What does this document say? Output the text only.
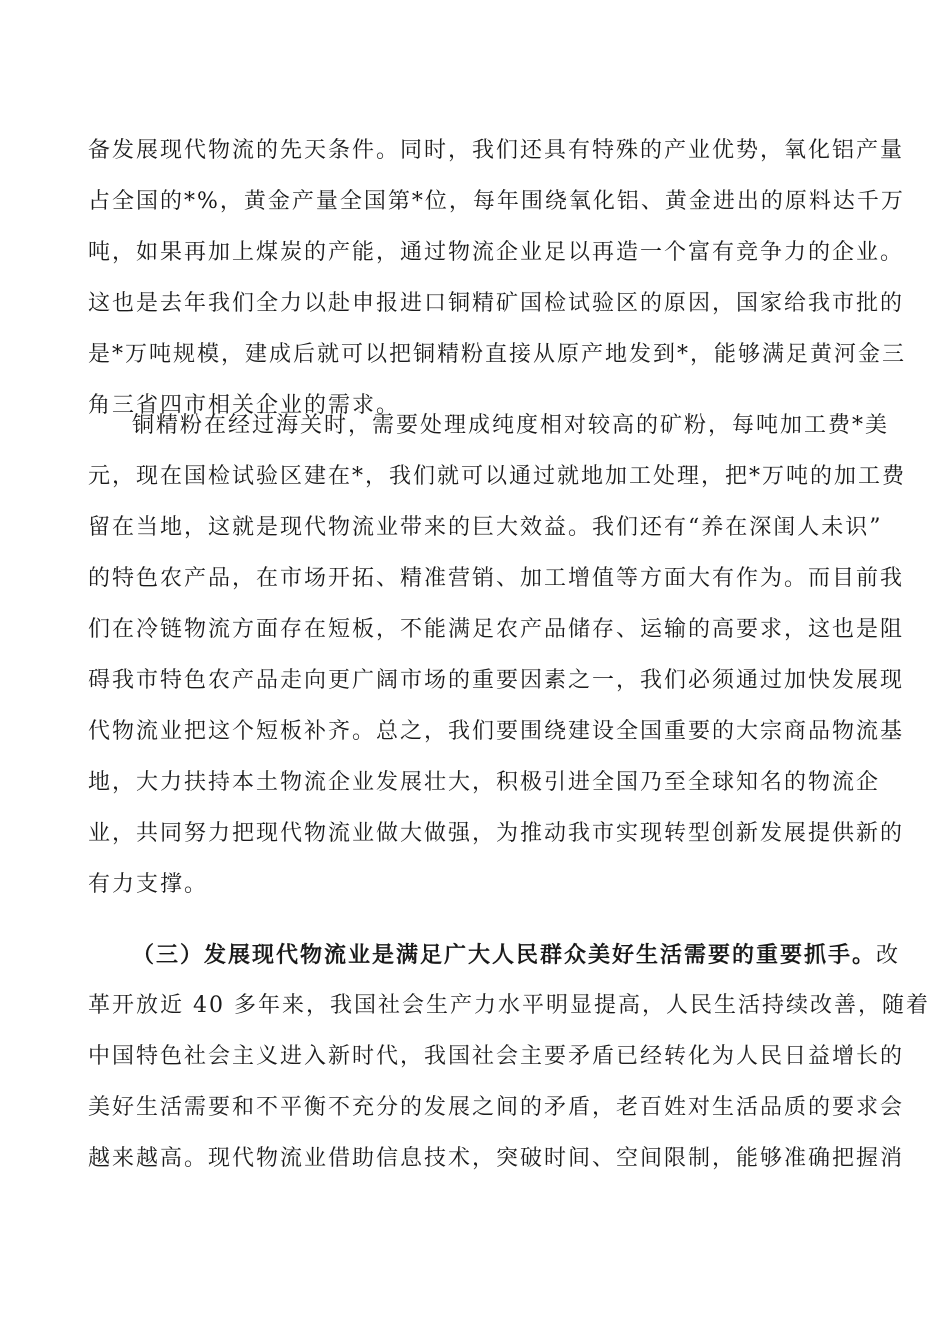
备发展现代物流的先天条件。同时，我们还具有特殊的产业优势，氧化铝产量
占全国的*%，黄金产量全国第*位，每年围绕氧化铝、黄金进出的原料达千万
吨，如果再加上煤炭的产能，通过物流企业足以再造一个富有竞争力的企业。
这也是去年我们全力以赴申报进口铜精矿国检试验区的原因，国家给我市批的
是*万吨规模，建成后就可以把铜精粉直接从原产地发到*，能够满足黄河金三
角三省四市相关企业的需求。
铜精粉在经过海关时，需要处理成纯度相对较高的矿粉，每吨加工费*美
元，现在国检试验区建在*，我们就可以通过就地加工处理，把*万吨的加工费
留在当地，这就是现代物流业带来的巨大效益。我们还有“养在深闺人未识”
的特色农产品，在市场开拓、精准营销、加工增值等方面大有作为。而目前我
们在冷链物流方面存在短板，不能满足农产品储存、运输的高要求，这也是阻
碍我市特色农产品走向更广阔市场的重要因素之一，我们必须通过加快发展现
代物流业把这个短板补齐。总之，我们要围绕建设全国重要的大宗商品物流基
地，大力扶持本土物流企业发展壮大，积极引进全国乃至全球知名的物流企
业，共同努力把现代物流业做大做强，为推动我市实现转型创新发展提供新的
有力支撑。
（三）发展现代物流业是满足广大人民群众美好生活需要的重要抓手。改
革开放近 40 多年来，我国社会生产力水平明显提高，人民生活持续改善，随着
中国特色社会主义进入新时代，我国社会主要矛盾已经转化为人民日益增长的
美好生活需要和不平衡不充分的发展之间的矛盾，老百姓对生活品质的要求会
越来越高。现代物流业借助信息技术，突破时间、空间限制，能够准确把握消
